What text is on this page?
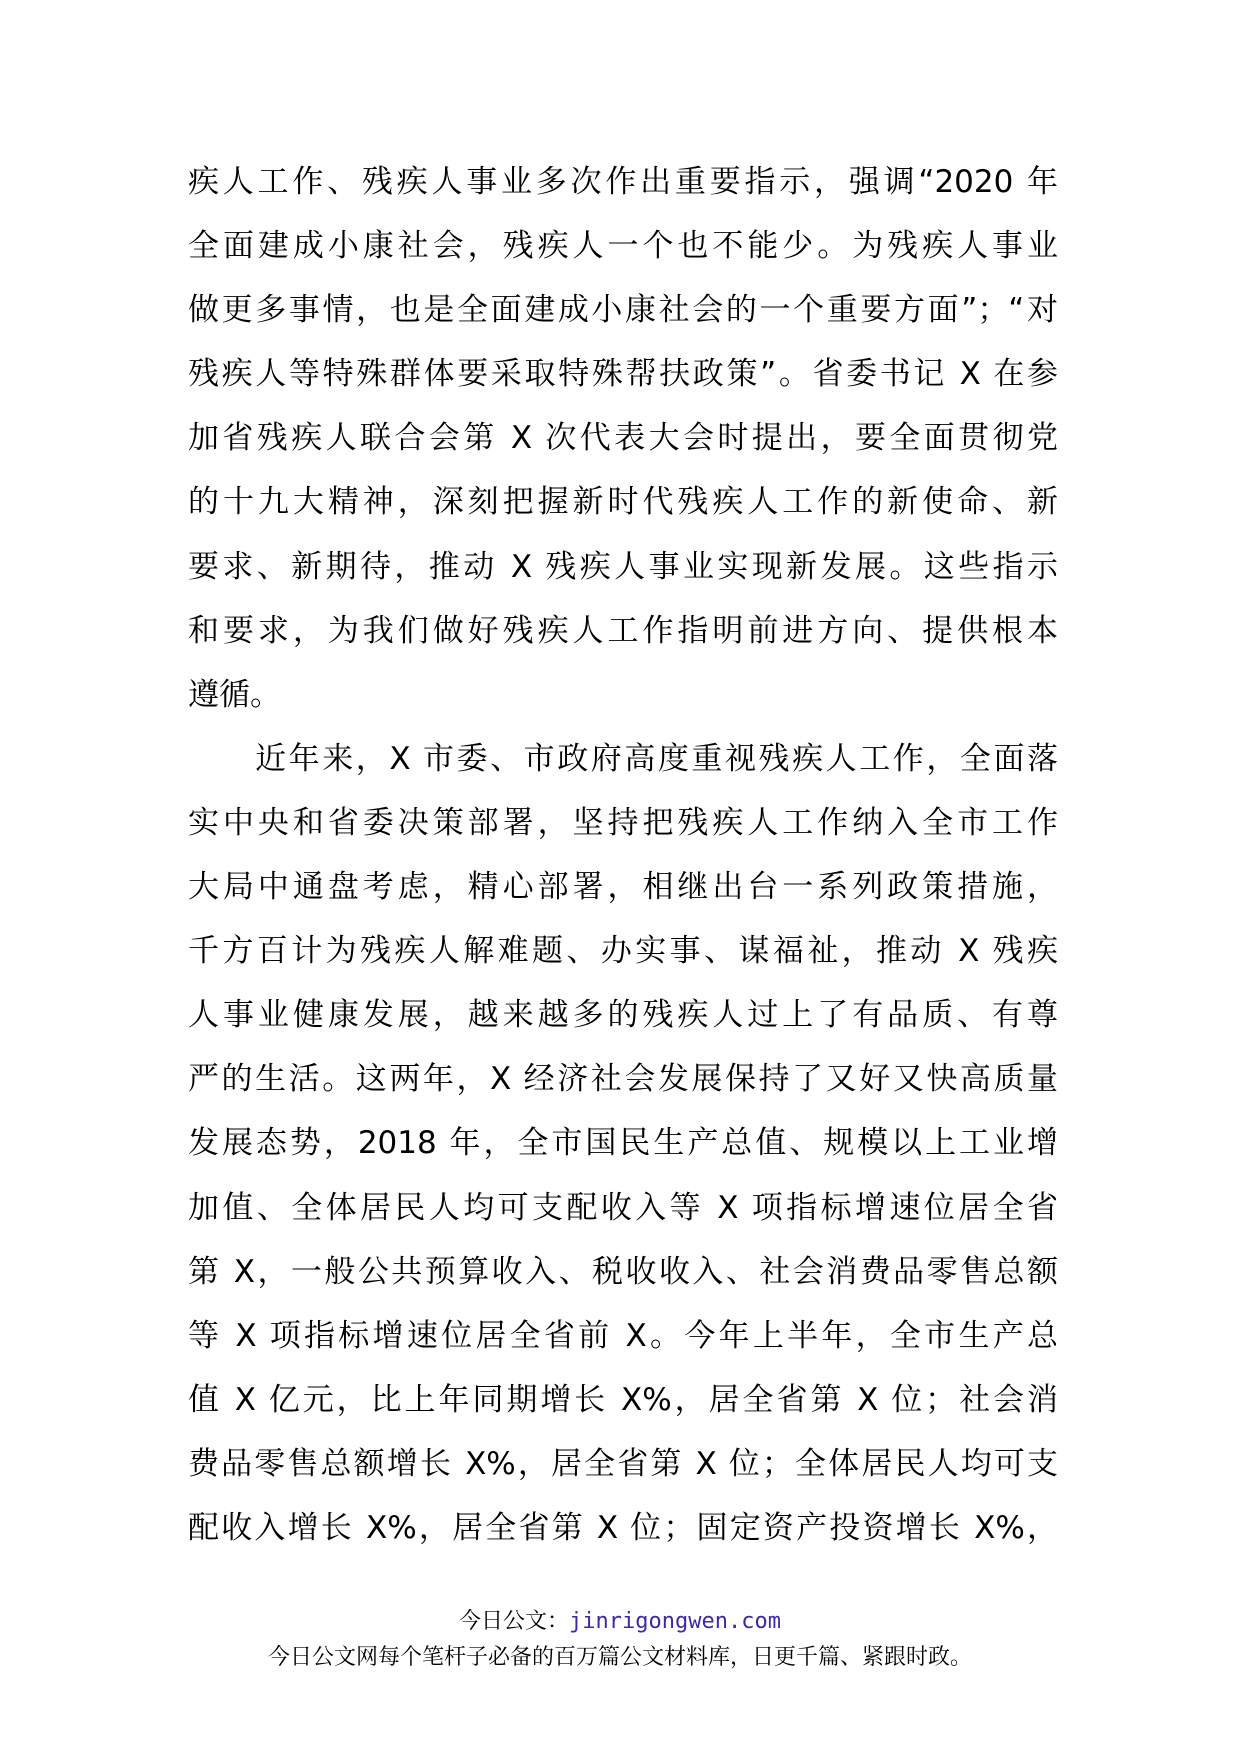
疾人工作、残疾人事业多次作出重要指示，强调“2020 年
全面建成小康社会，残疾人一个也不能少。为残疾人事业
做更多事情，也是全面建成小康社会的一个重要方面”；“对
残疾人等特殊群体要采取特殊帮扶政策”。省委书记 X 在参
加省残疾人联合会第 X 次代表大会时提出，要全面贯彻党
的十九大精神，深刻把握新时代残疾人工作的新使命、新
要求、新期待，推动 X 残疾人事业实现新发展。这些指示
和要求，为我们做好残疾人工作指明前进方向、提供根本
遵循。
　　近年来，X 市委、市政府高度重视残疾人工作，全面落
实中央和省委决策部署，坚持把残疾人工作纳入全市工作
大局中通盘考虑，精心部署，相继出台一系列政策措施，
千方百计为残疾人解难题、办实事、谋福祉，推动 X 残疾
人事业健康发展，越来越多的残疾人过上了有品质、有尊
严的生活。这两年，X 经济社会发展保持了又好又快高质量
发展态势，2018 年，全市国民生产总值、规模以上工业增
加值、全体居民人均可支配收入等 X 项指标增速位居全省
第 X，一般公共预算收入、税收收入、社会消费品零售总额
等 X 项指标增速位居全省前 X。今年上半年，全市生产总
值 X 亿元，比上年同期增长 X%，居全省第 X 位；社会消
费品零售总额增长 X%，居全省第 X 位；全体居民人均可支
配收入增长 X%，居全省第 X 位；固定资产投资增长 X%，
今日公文：jinrigongwen.com
今日公文网每个笔杆子必备的百万篇公文材料库，日更千篇、紧跟时政。
